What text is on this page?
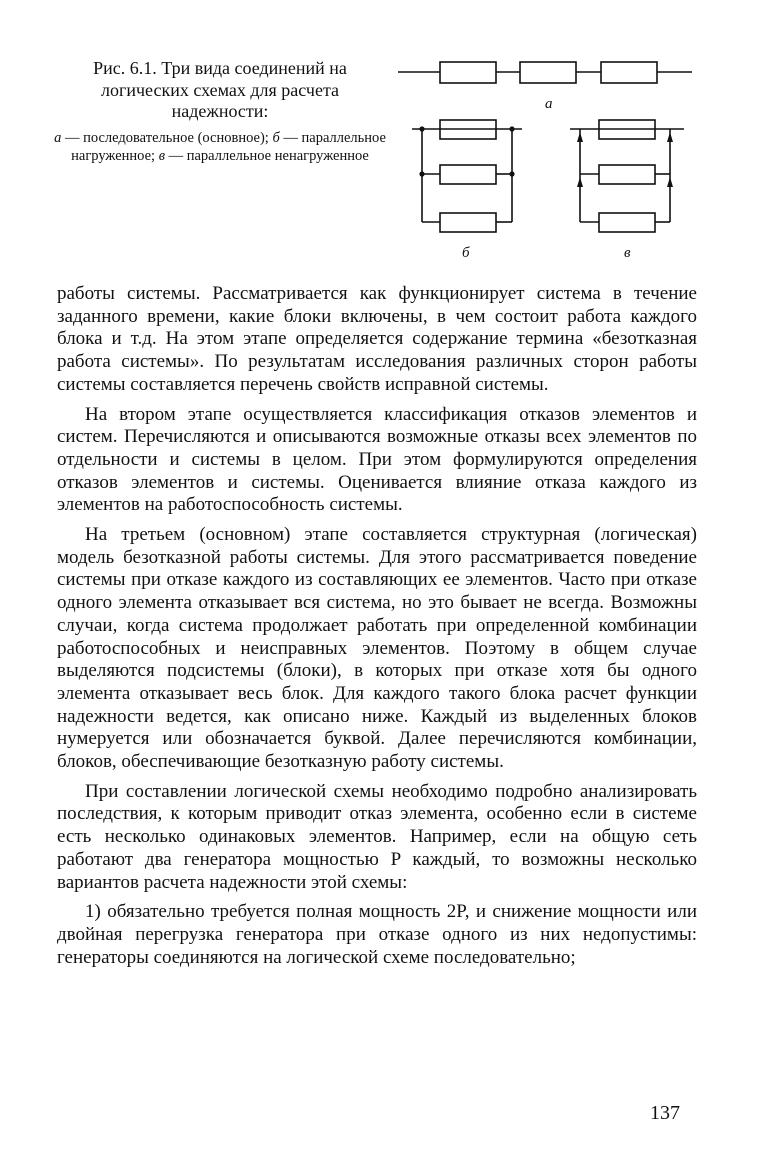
Рис. 6.1. Три вида соединений на логических схемах для расчета надежности:

а — последовательное (основное); б — параллельное нагруженное; в — параллельное ненагруженное

а
б	в

работы системы. Рассматривается как функционирует система в течение заданного времени, какие блоки включены, в чем состоит работа каждого блока и т.д. На этом этапе определяется содержание термина «безотказная работа системы». По результатам исследования различных сторон работы системы составляется перечень свойств исправной системы.

На втором этапе осуществляется классификация отказов элементов и систем. Перечисляются и описываются возможные отказы всех элементов по отдельности и системы в целом. При этом формулируются определения отказов элементов и системы. Оценивается влияние отказа каждого из элементов на работоспособность системы.

На третьем (основном) этапе составляется структурная (логическая) модель безотказной работы системы. Для этого рассматривается поведение системы при отказе каждого из составляющих ее элементов. Часто при отказе одного элемента отказывает вся система, но это бывает не всегда. Возможны случаи, когда система продолжает работать при определенной комбинации работоспособных и неисправных элементов. Поэтому в общем случае выделяются подсистемы (блоки), в которых при отказе хотя бы одного элемента отказывает весь блок. Для каждого такого блока расчет функции надежности ведется, как описано ниже. Каждый из выделенных блоков нумеруется или обозначается буквой. Далее перечисляются комбинации, блоков, обеспечивающие безотказную работу системы.

При составлении логической схемы необходимо подробно анализировать последствия, к которым приводит отказ элемента, особенно если в системе есть несколько одинаковых элементов. Например, если на общую сеть работают два генератора мощностью P каждый, то возможны несколько вариантов расчета надежности этой схемы:

1) обязательно требуется полная мощность 2P, и снижение мощности или двойная перегрузка генератора при отказе одного из них недопустимы: генераторы соединяются на логической схеме последовательно;

137
